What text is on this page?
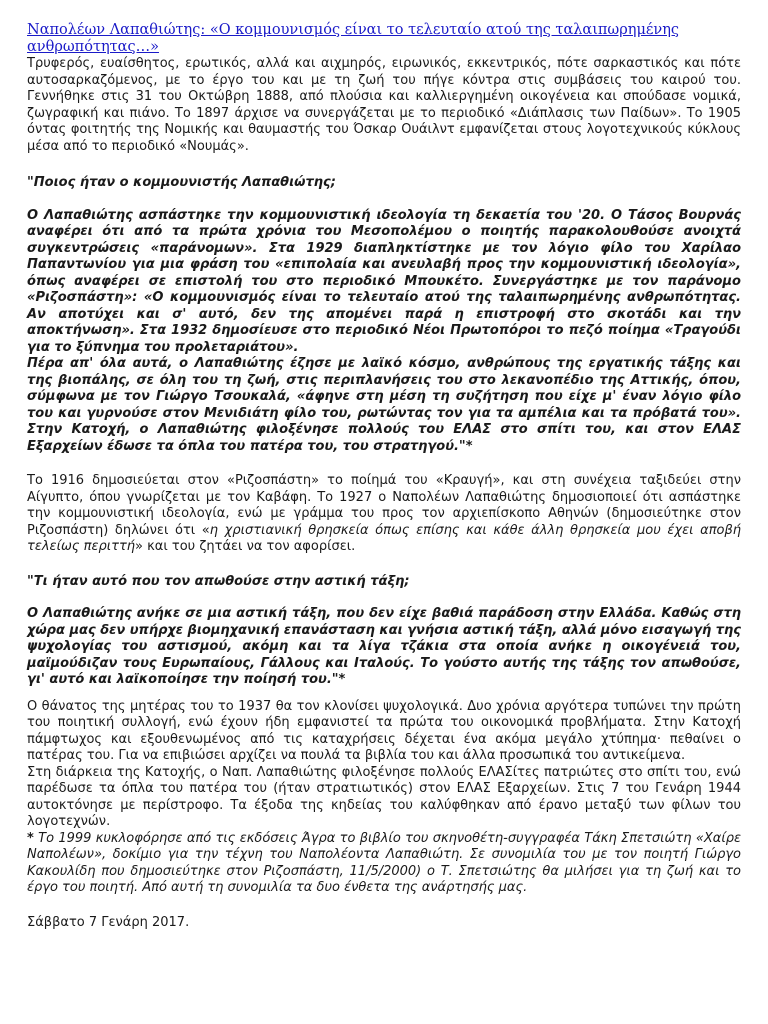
Ναπολέων Λαπαθιώτης: «Ο κομμουνισμός είναι το τελευταίο ατού της ταλαιπωρημένης ανθρωπότητας…»

Τρυφερός, ευαίσθητος, ερωτικός, αλλά και αιχμηρός, ειρωνικός, εκκεντρικός, πότε σαρκαστικός και πότε αυτοσαρκαζόμενος, με το έργο του και με τη ζωή του πήγε κόντρα στις συμβάσεις του καιρού του. Γεννήθηκε στις 31 του Οκτώβρη 1888, από πλούσια και καλλιεργημένη οικογένεια και σπούδασε νομικά, ζωγραφική και πιάνο. Το 1897 άρχισε να συνεργάζεται με το περιοδικό «Διάπλασις των Παίδων». Το 1905 όντας φοιτητής της Νομικής και θαυμαστής του Όσκαρ Ουάιλντ εμφανίζεται στους λογοτεχνικούς κύκλους μέσα από το περιοδικό «Νουμάς».

"Ποιος ήταν ο κομμουνιστής Λαπαθιώτης;

Ο Λαπαθιώτης ασπάστηκε την κομμουνιστική ιδεολογία τη δεκαετία του '20. Ο Τάσος Βουρνάς αναφέρει ότι από τα πρώτα χρόνια του Μεσοπολέμου ο ποιητής παρακολουθούσε ανοιχτά συγκεντρώσεις «παράνομων». Στα 1929 διαπληκτίστηκε με τον λόγιο φίλο του Χαρίλαο Παπαντωνίου για μια φράση του «επιπολαία και ανευλαβή προς την κομμουνιστική ιδεολογία», όπως αναφέρει σε επιστολή του στο περιοδικό Μπουκέτο. Συνεργάστηκε με τον παράνομο «Ριζοσπάστη»: «Ο κομμουνισμός είναι το τελευταίο ατού της ταλαιπωρημένης ανθρωπότητας. Αν αποτύχει και σ' αυτό, δεν της απομένει παρά η επιστροφή στο σκοτάδι και την αποκτήνωση». Στα 1932 δημοσίευσε στο περιοδικό Νέοι Πρωτοπόροι το πεζό ποίημα «Τραγούδι για το ξύπνημα του προλεταριάτου».

Πέρα απ' όλα αυτά, ο Λαπαθιώτης έζησε με λαϊκό κόσμο, ανθρώπους της εργατικής τάξης και της βιοπάλης, σε όλη του τη ζωή, στις περιπλανήσεις του στο λεκανοπέδιο της Αττικής, όπου, σύμφωνα με τον Γιώργο Τσουκαλά, «άφηνε στη μέση τη συζήτηση που είχε μ' έναν λόγιο φίλο του και γυρνούσε στον Μενιδιάτη φίλο του, ρωτώντας τον για τα αμπέλια και τα πρόβατά του». Στην Κατοχή, ο Λαπαθιώτης φιλοξένησε πολλούς του ΕΛΑΣ στο σπίτι του, και στον ΕΛΑΣ Εξαρχείων έδωσε τα όπλα του πατέρα του, του στρατηγού."*

Το 1916 δημοσιεύεται στον «Ριζοσπάστη» το ποίημά του «Κραυγή», και στη συνέχεια ταξιδεύει στην Αίγυπτο, όπου γνωρίζεται με τον Καβάφη. Το 1927 ο Ναπολέων Λαπαθιώτης δημοσιοποιεί ότι ασπάστηκε την κομμουνιστική ιδεολογία, ενώ με γράμμα του προς τον αρχιεπίσκοπο Αθηνών (δημοσιεύτηκε στον Ριζοσπάστη) δηλώνει ότι «η χριστιανική θρησκεία όπως επίσης και κάθε άλλη θρησκεία μου έχει αποβή τελείως περιττή» και του ζητάει να τον αφορίσει.

"Τι ήταν αυτό που τον απωθούσε στην αστική τάξη;

Ο Λαπαθιώτης ανήκε σε μια αστική τάξη, που δεν είχε βαθιά παράδοση στην Ελλάδα. Καθώς στη χώρα μας δεν υπήρχε βιομηχανική επανάσταση και γνήσια αστική τάξη, αλλά μόνο εισαγωγή της ψυχολογίας του αστισμού, ακόμη και τα λίγα τζάκια στα οποία ανήκε η οικογένειά του, μαϊμούδιζαν τους Ευρωπαίους, Γάλλους και Ιταλούς. Το γούστο αυτής της τάξης τον απωθούσε, γι' αυτό και λαϊκοποίησε την ποίησή του."*

Ο θάνατος της μητέρας του το 1937 θα τον κλονίσει ψυχολογικά. Δυο χρόνια αργότερα τυπώνει την πρώτη του ποιητική συλλογή, ενώ έχουν ήδη εμφανιστεί τα πρώτα του οικονομικά προβλήματα. Στην Κατοχή πάμφτωχος και εξουθενωμένος από τις καταχρήσεις δέχεται ένα ακόμα μεγάλο χτύπημα· πεθαίνει ο πατέρας του. Για να επιβιώσει αρχίζει να πουλά τα βιβλία του και άλλα προσωπικά του αντικείμενα.

Στη διάρκεια της Κατοχής, ο Ναπ. Λαπαθιώτης φιλοξένησε πολλούς ΕΛΑΣίτες πατριώτες στο σπίτι του, ενώ παρέδωσε τα όπλα του πατέρα του (ήταν στρατιωτικός) στον ΕΛΑΣ Εξαρχείων. Στις 7 του Γενάρη 1944 αυτοκτόνησε με περίστροφο. Τα έξοδα της κηδείας του καλύφθηκαν από έρανο μεταξύ των φίλων του λογοτεχνών.

* Το 1999 κυκλοφόρησε από τις εκδόσεις Άγρα το βιβλίο του σκηνοθέτη-συγγραφέα Τάκη Σπετσιώτη «Χαίρε Ναπολέων», δοκίμιο για την τέχνη του Ναπολέοντα Λαπαθιώτη. Σε συνομιλία του με τον ποιητή Γιώργο Κακουλίδη που δημοσιεύτηκε στον Ριζοσπάστη, 11/5/2000) ο Τ. Σπετσιώτης θα μιλήσει για τη ζωή και το έργο του ποιητή. Από αυτή τη συνομιλία τα δυο ένθετα της ανάρτησής μας.

Σάββατο 7 Γενάρη 2017.
